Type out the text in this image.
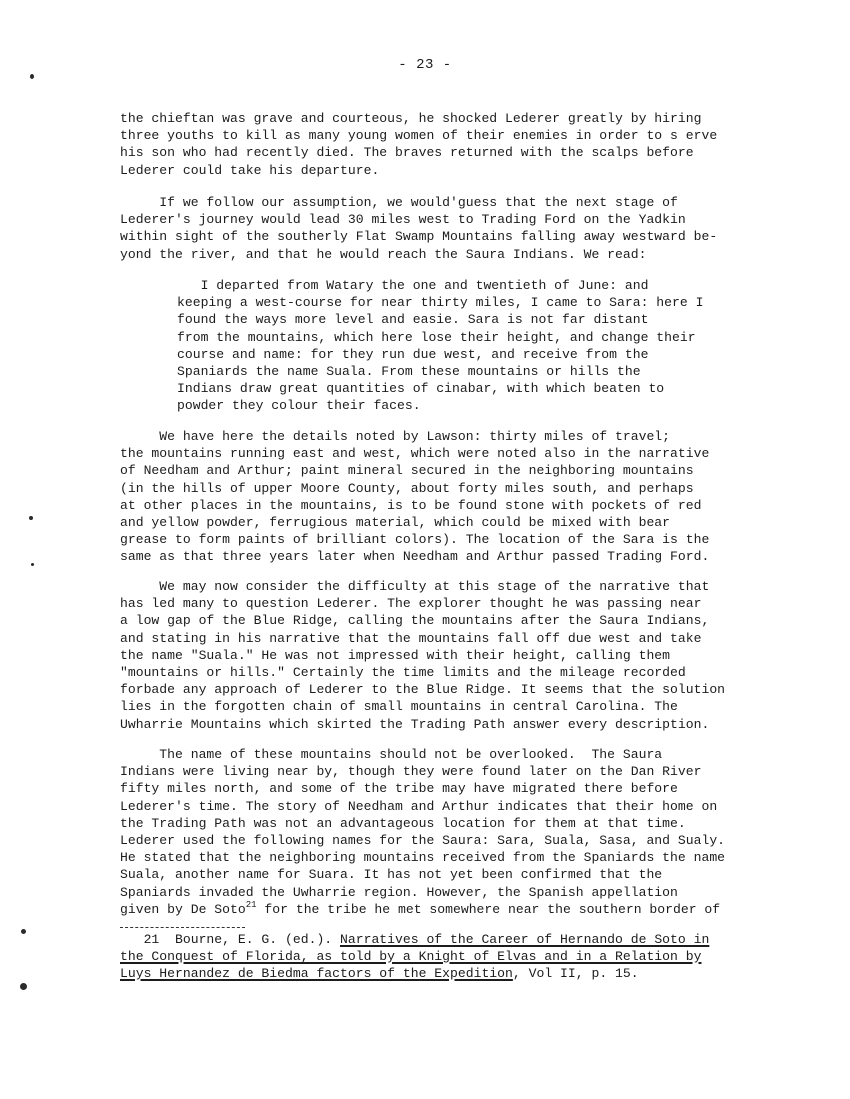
- 23 -
the chieftan was grave and courteous, he shocked Lederer greatly by hiring
three youths to kill as many young women of their enemies in order to s erve
his son who had recently died. The braves returned with the scalps before
Lederer could take his departure.
If we follow our assumption, we would'guess that the next stage of
Lederer's journey would lead 30 miles west to Trading Ford on the Yadkin
within sight of the southerly Flat Swamp Mountains falling away westward be-
yond the river, and that he would reach the Saura Indians. We read:
I departed from Watary the one and twentieth of June: and
keeping a west-course for near thirty miles, I came to Sara: here I
found the ways more level and easie. Sara is not far distant
from the mountains, which here lose their height, and change their
course and name: for they run due west, and receive from the
Spaniards the name Suala. From these mountains or hills the
Indians draw great quantities of cinabar, with which beaten to
powder they colour their faces.
We have here the details noted by Lawson: thirty miles of travel;
the mountains running east and west, which were noted also in the narrative
of Needham and Arthur; paint mineral secured in the neighboring mountains
(in the hills of upper Moore County, about forty miles south, and perhaps
at other places in the mountains, is to be found stone with pockets of red
and yellow powder, ferrugious material, which could be mixed with bear
grease to form paints of brilliant colors). The location of the Sara is the
same as that three years later when Needham and Arthur passed Trading Ford.
We may now consider the difficulty at this stage of the narrative that
has led many to question Lederer. The explorer thought he was passing near
a low gap of the Blue Ridge, calling the mountains after the Saura Indians,
and stating in his narrative that the mountains fall off due west and take
the name "Suala." He was not impressed with their height, calling them
"mountains or hills." Certainly the time limits and the mileage recorded
forbade any approach of Lederer to the Blue Ridge. It seems that the solution
lies in the forgotten chain of small mountains in central Carolina. The
Uwharrie Mountains which skirted the Trading Path answer every description.
The name of these mountains should not be overlooked.  The Saura
Indians were living near by, though they were found later on the Dan River
fifty miles north, and some of the tribe may have migrated there before
Lederer's time. The story of Needham and Arthur indicates that their home on
the Trading Path was not an advantageous location for them at that time.
Lederer used the following names for the Saura: Sara, Suala, Sasa, and Sualy.
He stated that the neighboring mountains received from the Spaniards the name
Suala, another name for Suara. It has not yet been confirmed that the
Spaniards invaded the Uwharrie region. However, the Spanish appellation
given by De Soto$^{21}$ for the tribe he met somewhere near the southern border of
21  Bourne, E. G. (ed.). Narratives of the Career of Hernando de Soto in
the Conquest of Florida, as told by a Knight of Elvas and in a Relation by
Luys Hernandez de Biedma factors of the Expedition, Vol II, p. 15.
